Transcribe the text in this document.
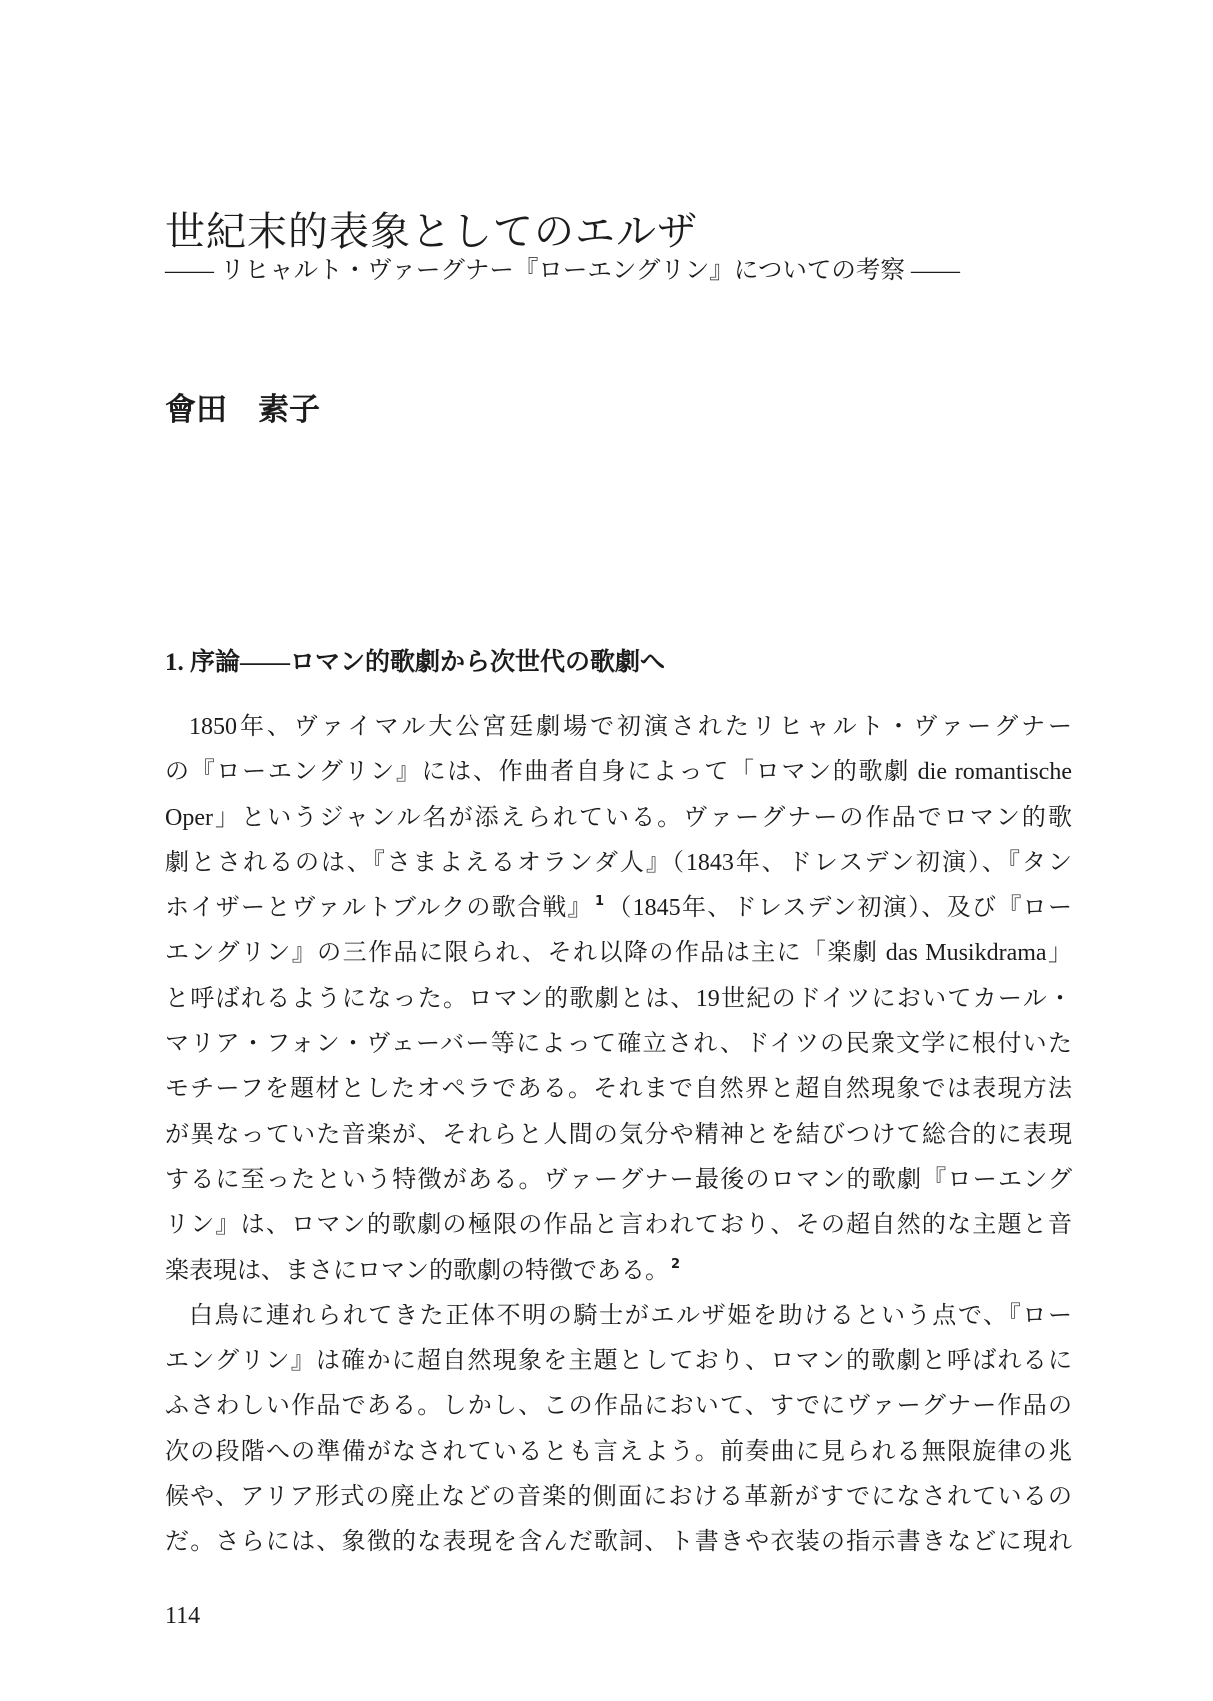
世紀末的表象としてのエルザ
―― リヒャルト・ヴァーグナー『ローエングリン』についての考察 ――
會田　素子
1. 序論――ロマン的歌劇から次世代の歌劇へ
1850年、ヴァイマル大公宮廷劇場で初演されたリヒャルト・ヴァーグナー
の『ローエングリン』には、作曲者自身によって「ロマン的歌劇 die romantische
Oper」というジャンル名が添えられている。ヴァーグナーの作品でロマン的歌
劇とされるのは、『さまよえるオランダ人』（1843年、ドレスデン初演）、『タン
ホイザーとヴァルトブルクの歌合戦』 $^1$（1845年、ドレスデン初演）、及び『ロー
エングリン』の三作品に限られ、それ以降の作品は主に「楽劇 das Musikdrama」
と呼ばれるようになった。ロマン的歌劇とは、19世紀のドイツにおいてカール・
マリア・フォン・ヴェーバー等によって確立され、ドイツの民衆文学に根付いた
モチーフを題材としたオペラである。それまで自然界と超自然現象では表現方法
が異なっていた音楽が、それらと人間の気分や精神とを結びつけて総合的に表現
するに至ったという特徴がある。ヴァーグナー最後のロマン的歌劇『ローエング
リン』は、ロマン的歌劇の極限の作品と言われており、その超自然的な主題と音
楽表現は、まさにロマン的歌劇の特徴である。 $^2$
白鳥に連れられてきた正体不明の騎士がエルザ姫を助けるという点で、『ロー
エングリン』は確かに超自然現象を主題としており、ロマン的歌劇と呼ばれるに
ふさわしい作品である。しかし、この作品において、すでにヴァーグナー作品の
次の段階への準備がなされているとも言えよう。前奏曲に見られる無限旋律の兆
候や、アリア形式の廃止などの音楽的側面における革新がすでになされているの
だ。さらには、象徴的な表現を含んだ歌詞、ト書きや衣装の指示書きなどに現れ
114
